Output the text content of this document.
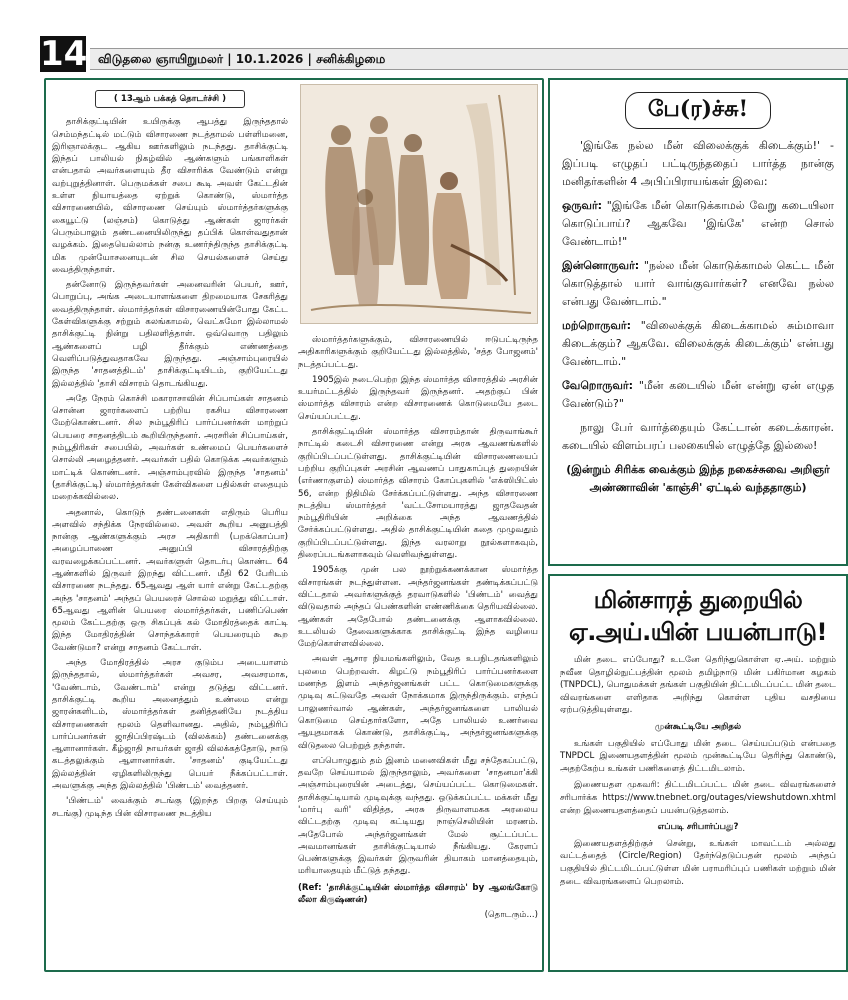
14 விடுதலை ஞாயிறுமலர் | 10.1.2026 | சனிக்கிழமை
( 13ஆம் பக்கத் தொடர்ச்சி )

தாசிக்குட்டியின் உயிருக்கு ஆபத்து இருந்ததால் செம்மந்தட்டில் மட்டும் விசாரணை நடத்தாமல் பள்ளிமனை, இரிஞாலக்குட ஆகிய ஊர்களிலும் நடந்தது. தாசிக்குட்டி இந்தப் பாலியல் நிகழ்வில் ஆண்களும் பங்காளிகள் என்பதால் அவர்களையும் தீர விசாரிக்க வேண்டும் என்று வற்புறுத்தினாள். பெருமக்கள் சபை கூடி அவள் கேட்டதின் உள்ள நியாயத்தை ஏற்றுக் கொண்டு, ஸ்மார்த்த விசாரணையில், விசாரணை செய்யும் ஸ்மார்த்தர்களுக்கு கையூட்டு (லஞ்சம்) கொடுத்து ஆண்கள் ஜாரர்கள் பெரும்பாலும் தண்டனையிலிருந்து தப்பிக் கொள்வதுதான் வழக்கம். இதையெல்லாம் நன்கு உணர்ந்திருந்த தாசிக்குட்டி மிக முன்யோசனையுடன் சில செயல்களைச் செய்து வைத்திருந்தாள்.

தன்னோடு இருந்தவர்கள் அனைவரின் பெயர், ஊர், பொறுப்பு, அங்க அடையாளங்களை திறமையாக சேகரித்து வைத்திருந்தாள். ஸ்மார்த்தர்கள் விசாரணையின்போது கேட்ட கேள்விகளுக்கு சற்றும் கலங்காமல், வெட்கமோ இல்லாமல் தாசிக்குட்டி நின்று பதிலளித்தாள். ஒவ்வொரு பதிலும் ஆண்களைப் பழி தீர்க்கும் எண்ணத்தை வெளிப்படுத்துவதாகவே இருந்தது. அஞ்சாம்புரையில் இருந்த 'சாதனத்திடம்' தாசிக்குட்டியிடம், குறியேட்டது இல்லத்தில் 'தாசி விசாரம் தொடங்கியது.

அதே நேரம் கொச்சி மகாராசாவின் சிப்பாய்கள் சாதனம் சொன்ன ஜாரர்களைப் பற்றிய ரகசிய விசாரணை மேற்கொண்டனர். சில நம்பூதிரிப் பார்ப்பனர்கள் மாற்றுப் பெயரை சாதனத்திடம் கூறியிருந்தனர். அரசரின் சிப்பாய்கள், நம்பூதிரிகள் சபையில், அவர்கள் உண்மைப் பெயர்களைச் சொல்லி அழைத்தனர். அவர்கள் பதில் கொடுக்க அவர்களும் மாட்டிக் கொண்டனர். அஞ்சாம்புரவில் இருந்த 'சாதனம்' (தாசிக்குட்டி) ஸ்மார்த்தர்கள் கேள்விகளை பதில்கள் எதையும் மறைக்கவில்லை.

அதனால், கொடுந் தண்டனைகள் எதிரும் பெரிய அளவில் சந்திக்க நேரவில்லை. அவள் கூறிய அனுபத்தி நான்கு ஆண்களுக்கும் அரச அதிகாரி (பறக்கொப்பா) அழைப்பாணை அனுப்பி விசாரத்திற்கு வரவழைக்கப்பட்டனர். அவர்களுள் தொடர்பு கொண்ட 64 ஆண்களில் இருவர் இறந்து விட்டனர். மீதி 62 பேரிடம் விசாரணை நடந்தது. 65ஆவது ஆள் யார் என்று கேட்டதற்கு அந்த 'சாதனம்' அந்தப் பெயரைச் சொல்ல மறுத்து விட்டாள். 65ஆவது ஆளின் பெயரை ஸ்மார்த்தர்கள், பணிப்பெண் மூலம் கேட்டதற்கு ஒரு சிகப்புக் கல் மோதிரத்தைக் காட்டி இந்த மோதிரத்தின் சொந்தக்காரர் பெயரையும் கூற வேண்டுமா? என்று சாதனம் கேட்டாள்.

அந்த மோதிரத்தில் அரச குடும்ப அடையாளம் இருந்ததால், ஸ்மார்த்தர்கள் அவசர, அவசரமாக, 'வேண்டாம், வேண்டாம்' என்று தடுத்து விட்டனர். தாசிக்குட்டி கூறிய அனைத்தும் உண்மை என்று ஜாரன்களிடம், ஸ்மார்த்தர்கள் தனித்தனியே நடத்திய விசாரணைகள் மூலம் தெளிவானது. அதில், நம்பூதிரிப் பார்ப்பனர்கள் ஜாதிப்பிரஷ்டம் (விலக்கம்) தண்டனைக்கு ஆளானார்கள். கீழ்ஜாதி நாயர்கள் ஜாதி விலக்கத்தோடு, நாடு கடத்தலுக்கும் ஆளானார்கள். 'சாதனம்' குடியேட்டது இல்லத்தின் ஏழிகளிலிருந்து பெயர் நீக்கப்பட்டாள். அவளுக்கு அந்த இல்லத்தில் 'பிண்டம்' வைத்தனர்.

'பிண்டம்' வைக்கும் சடங்கு (இறந்த பிறகு செய்யும் சடங்கு) முடிந்த பின் விசாரணை நடத்திய

ஸ்மார்த்தர்களுக்கும், விசாரணையில் ஈடுபட்டிருந்த அதிகாரிகளுக்கும் குறியேட்டது இல்லத்தில், 'சத்த போஜனம்' நடத்தப்பட்டது.

1905இல் நடைபெற்ற இந்த ஸ்மார்த்த விசாரத்தில் அரசின் உயர்மட்டத்தில் இருந்தவர் இருந்தனர். அதற்குப் பின் ஸ்மார்த்த விசாரம் என்ற விசாரணைக் கொடுமையே தடை செய்யப்பட்டது.

தாசிக்குட்டியின் ஸ்மார்த்த விசாரம்தான் திருவாங்கூர் நாட்டில் கடைசி விசாரணை என்று அரசு ஆவணங்களில் குறிப்பிடப்பட்டுள்ளது. தாசிக்குட்டியின் விசாரணையைப் பற்றிய குறிப்புகள் அரசின் ஆவணப் பாதுகாப்புத் துறையின் (எர்ணாகுளம்) ஸ்மார்த்த விசாரம் கோப்புகளில் 'எக்ஸிபிட்ஸ் 56, என்ற நிதிமில் சேர்க்கப்பட்டுள்ளது. அந்த விசாரணை நடத்திய ஸ்மார்த்தர் 'வட்டசோமயாரத்து ஜாதவேதன் நம்பூதிரியின் அறிக்கை அந்த ஆவணத்தில் சேர்க்கப்பட்டுள்ளது. அதில் தாசிக்குட்டியின் கதை முழுவதும் குறிப்பிடப்பட்டுள்ளது. இந்த வரலாறு நூல்களாகவும், திரைப்படங்களாகவும் வெளிவந்துள்ளது.

1905க்கு முன் பல நூற்றுக்கணக்கான ஸ்மார்த்த விசாரங்கள் நடந்துள்ளன. அந்தர்ஜனங்கள் தண்டிக்கப்பட்டு விட்டதால் அவர்களுக்குத் தரவாடுகளில் 'பிண்டம்' வைத்து விடுவதால் அந்தப் பெண்களின் எண்ணிக்கை தெரியவில்லை. ஆண்கள் அதேபோல் தண்டனைக்கு ஆளாகவில்லை. உடலியல் தேவைகளுக்காக தாசிக்குட்டி இந்த வழியை மேற்கொள்ளவில்லை.

அவள் ஆசார நியமங்களிலும், வேத உபநிடதங்களிலும் புலமை பெற்றவள். கிழட்டு நம்பூதிரிப் பார்ப்பனர்களை மணந்த இளம் அந்தர்ஜனங்கள் பட்ட கொடுமைகளுக்கு முடிவு கட்டுவதே அவள் நோக்கமாக இருந்திருக்கும். எந்தப் பாலுணர்வால் ஆண்கள், அந்தர்ஜனங்களை பாலியல் கொடுமை செய்தார்களோ, அதே பாலியல் உணர்வை ஆயுதமாகக் கொண்டு, தாசிக்குட்டி, அந்தர்ஜனங்களுக்கு விடுதலை பெற்றுத் தந்தாள்.

எப்பொழுதும் தம் இனம் மனைவிகள் மீது சந்தேகப்பட்டு, தவறே செய்யாமல் இருந்தாலும், அவர்களை 'சாதனமா'க்கி அஞ்சாம்புரையின் அடைத்து, செய்யப்பட்ட கொடுமைகள். தாசிக்குட்டியால் முடிவுக்கு வந்தது. ஒடுக்கப்பட்ட மக்கள் மீது 'மார்பு வரி' விதித்த, அரசு திருவாளமகக அரலைய விட்டதற்கு முடிவு கட்டியது நாஞ்செலியின் மரணம். அதேபோல் அந்தர்ஜனங்கள் மேல் சூட்டப்பட்ட அவமானங்கள் தாசிக்குட்டியால் நீங்கியது. கேரளப் பெண்களுக்கு இவர்கள் இருவரின் தியாகம் மானத்தையும், மரியாதையும் மீட்டுத் தந்தது.

(Ref: 'தாசிக்குட்டியின் ஸ்மார்த்த விசாரம்' by ஆலங்கோடு லீலா கிருஷ்ணன்)

(தொடரும்...)

பே(ர)ச்சு!

'இங்கே நல்ல மீன் விலைக்குக் கிடைக்கும்!' - இப்படி எழுதப் பட்டிருந்ததைப் பார்த்த நான்கு மனிதர்களின் 4 அபிப்பிராயங்கள் இவை:

ஒருவர்: "இங்கே மீன் கொடுக்காமல் வேறு கடையிலா கொடுப்பாய்? ஆகவே 'இங்கே' என்ற சொல் வேண்டாம்!"

இன்னொருவர்: "நல்ல மீன் கொடுக்காமல் கெட்ட மீன் கொடுத்தால் யார் வாங்குவார்கள்? எனவே நல்ல என்பது வேண்டாம்."

மற்றொருவர்: "விலைக்குக் கிடைக்காமல் சும்மாவா கிடைக்கும்? ஆகவே. விலைக்குக் கிடைக்கும்' என்பது வேண்டாம்."

வேறொருவர்: "மீன் கடையில் மீன் என்று ஏன் எழுத வேண்டும்?"

நாலு பேர் வார்த்தையும் கேட்டான் கடைக்காரன். கடையில் விளம்பரப் பலகையில் எழுத்தே இல்லை!

(இன்றும் சிரிக்க வைக்கும் இந்த நகைச்சுவை அறிஞர் அண்ணாவின் 'காஞ்சி' ஏட்டில் வந்ததாகும்)
மின்சாரத் துறையில் ஏ.அய்.யின் பயன்பாடு!

மின் தடை எப்போது? உடனே தெரிந்துகொள்ள ஏ.அய். மற்றும் நவீன தொழில்நுட்பத்தின் மூலம் தமிழ்நாடு மின் பகிர்மான கழகம் (TNPDCL), பொதுமக்கள் தங்கள் பகுதியின் திட்டமிடப்பட்ட மின் தடை விவரங்களை எளிதாக அறிந்து கொள்ள புதிய வசதியை ஏற்படுத்தியுள்ளது.

முன்கூட்டியே அறிதல்

உங்கள் பகுதியில் எப்போது மின் தடை செய்யப்படும் என்பதை TNPDCL இணையதளத்தின் மூலம் முன்கூட்டியே தெரிந்து கொண்டு, அதற்கேற்ப உங்கள் பணிகளைத் திட்டமிடலாம்.

இணையதள முகவரி: திட்டமிடப்பட்ட மின் தடை விவரங்களைச் சரிபார்க்க https://www.tnebnet.org/outages/viewshutdown.xhtml என்ற இணையதளத்தைப் பயன்படுத்தலாம்.

எப்படி சரிபார்ப்பது?

இணையதளத்திற்குச் சென்று, உங்கள் மாவட்டம் அல்லது வட்டத்தைத் (Circle/Region) தேர்ந்தெடுப்பதன் மூலம் அந்தப் பகுதியில் திட்டமிடப்பட்டுள்ள மின் பராமரிப்புப் பணிகள் மற்றும் மின் தடை விவரங்களைப் பெறலாம்.
